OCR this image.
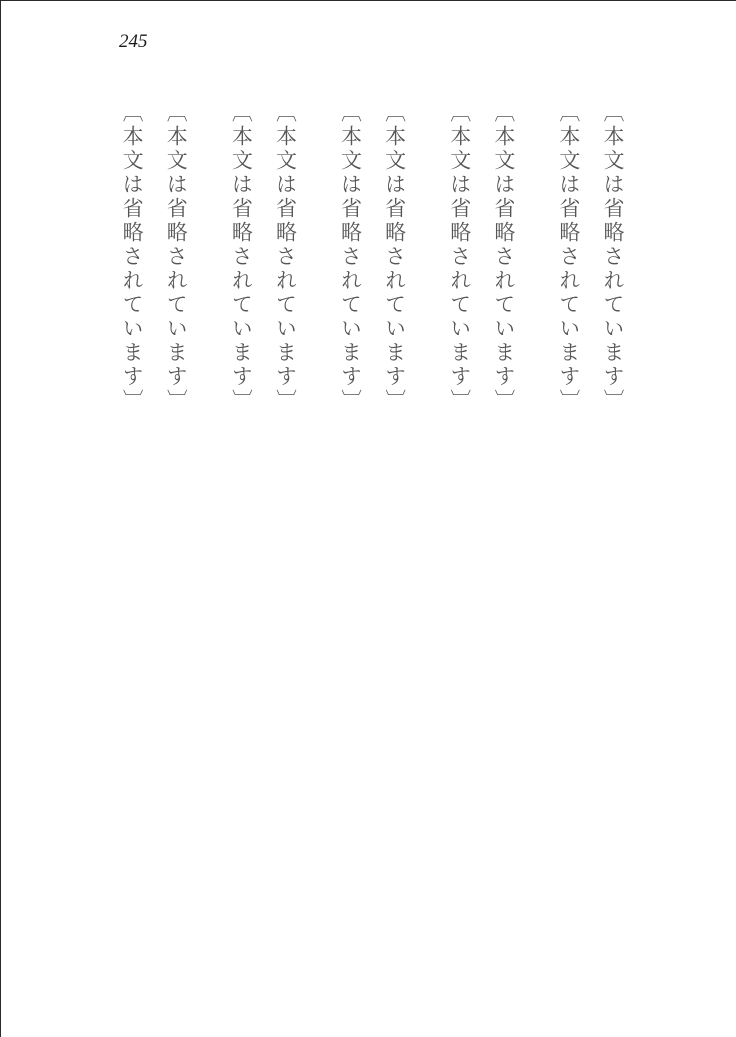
245
〔本文は省略されています〕
〔本文は省略されています〕
〔本文は省略されています〕
〔本文は省略されています〕
〔本文は省略されています〕
〔本文は省略されています〕
〔本文は省略されています〕
〔本文は省略されています〕
〔本文は省略されています〕
〔本文は省略されています〕
